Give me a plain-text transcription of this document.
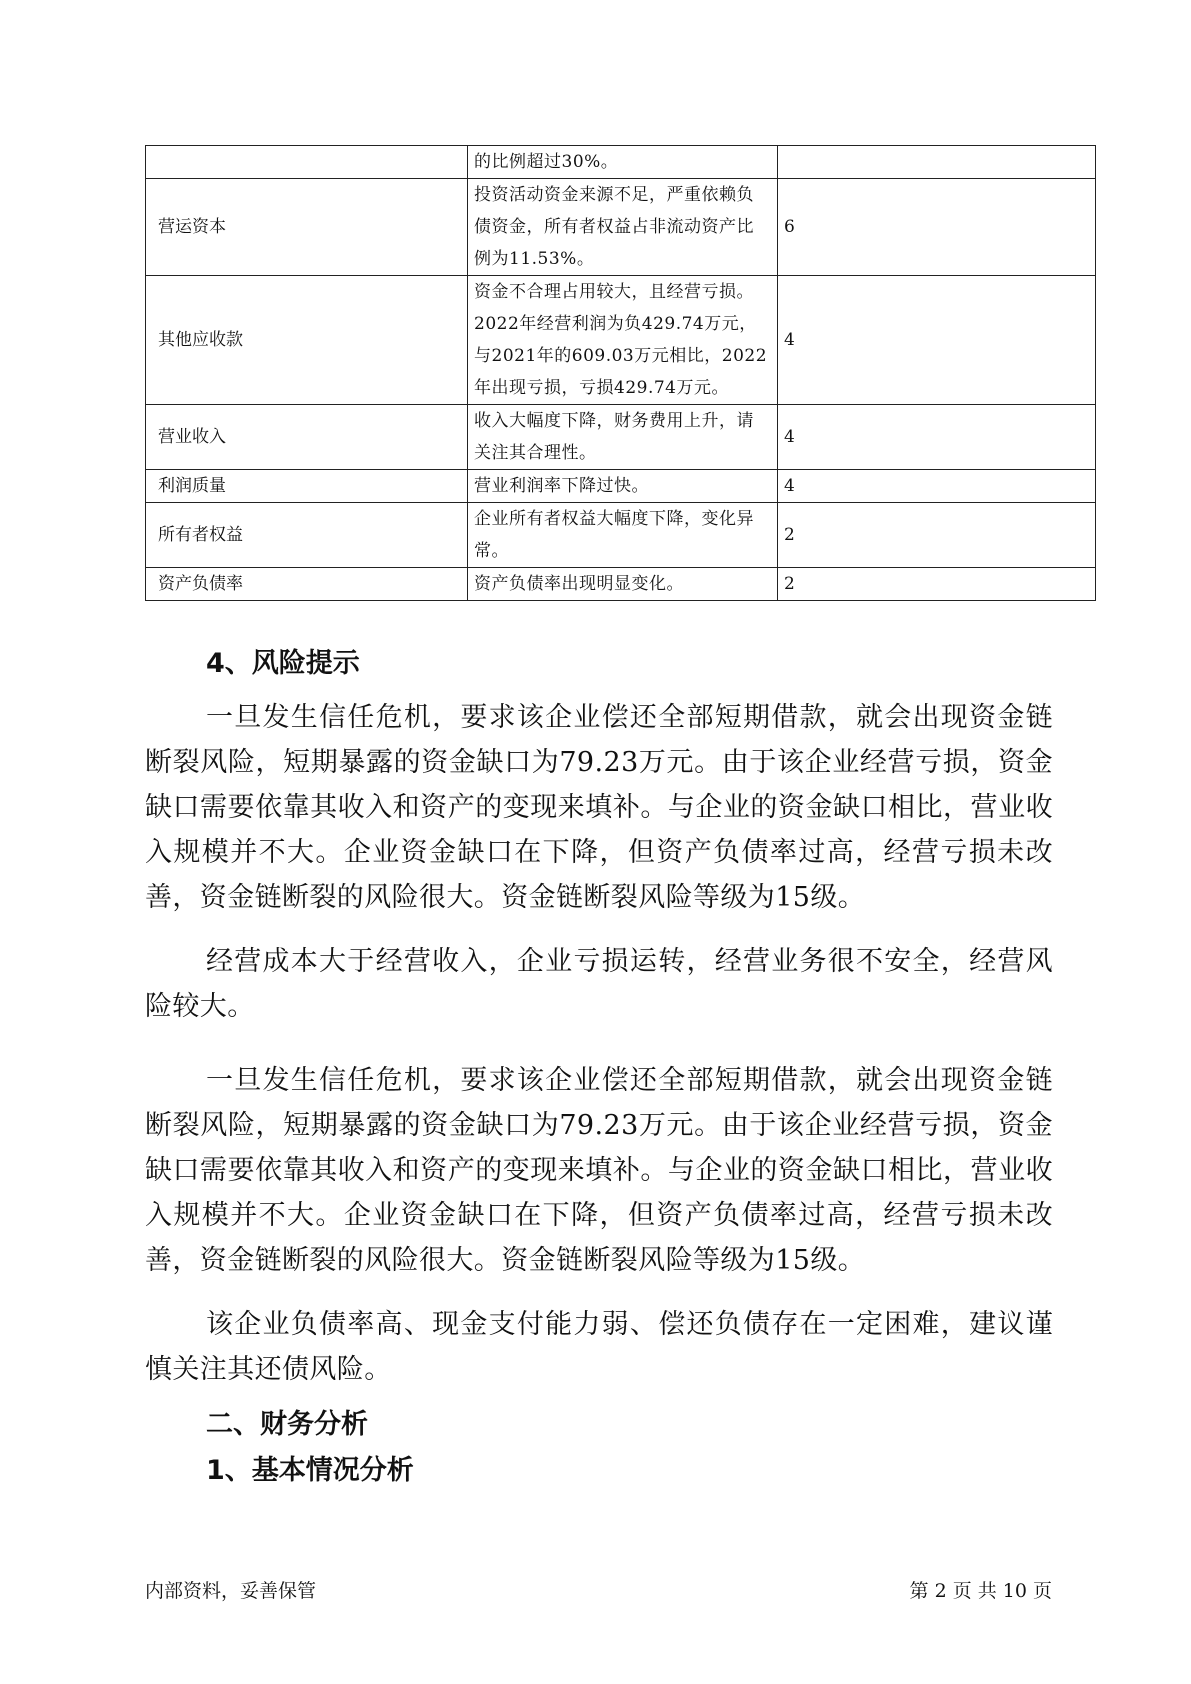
	的比例超过30%。	
营运资本	投资活动资金来源不足，严重依赖负债资金，所有者权益占非流动资产比例为11.53%。	6
其他应收款	资金不合理占用较大，且经营亏损。2022年经营利润为负429.74万元，与2021年的609.03万元相比，2022年出现亏损，亏损429.74万元。	4
营业收入	收入大幅度下降，财务费用上升，请关注其合理性。	4
利润质量	营业利润率下降过快。	4
所有者权益	企业所有者权益大幅度下降，变化异常。	2
资产负债率	资产负债率出现明显变化。	2
4、风险提示

一旦发生信任危机，要求该企业偿还全部短期借款，就会出现资金链断裂风险，短期暴露的资金缺口为79.23万元。由于该企业经营亏损，资金缺口需要依靠其收入和资产的变现来填补。与企业的资金缺口相比，营业收入规模并不大。企业资金缺口在下降，但资产负债率过高，经营亏损未改善，资金链断裂的风险很大。资金链断裂风险等级为15级。

经营成本大于经营收入，企业亏损运转，经营业务很不安全，经营风险较大。

一旦发生信任危机，要求该企业偿还全部短期借款，就会出现资金链断裂风险，短期暴露的资金缺口为79.23万元。由于该企业经营亏损，资金缺口需要依靠其收入和资产的变现来填补。与企业的资金缺口相比，营业收入规模并不大。企业资金缺口在下降，但资产负债率过高，经营亏损未改善，资金链断裂的风险很大。资金链断裂风险等级为15级。

该企业负债率高、现金支付能力弱、偿还负债存在一定困难，建议谨慎关注其还债风险。

二、财务分析
1、基本情况分析
内部资料，妥善保管	第 2 页 共 10 页
